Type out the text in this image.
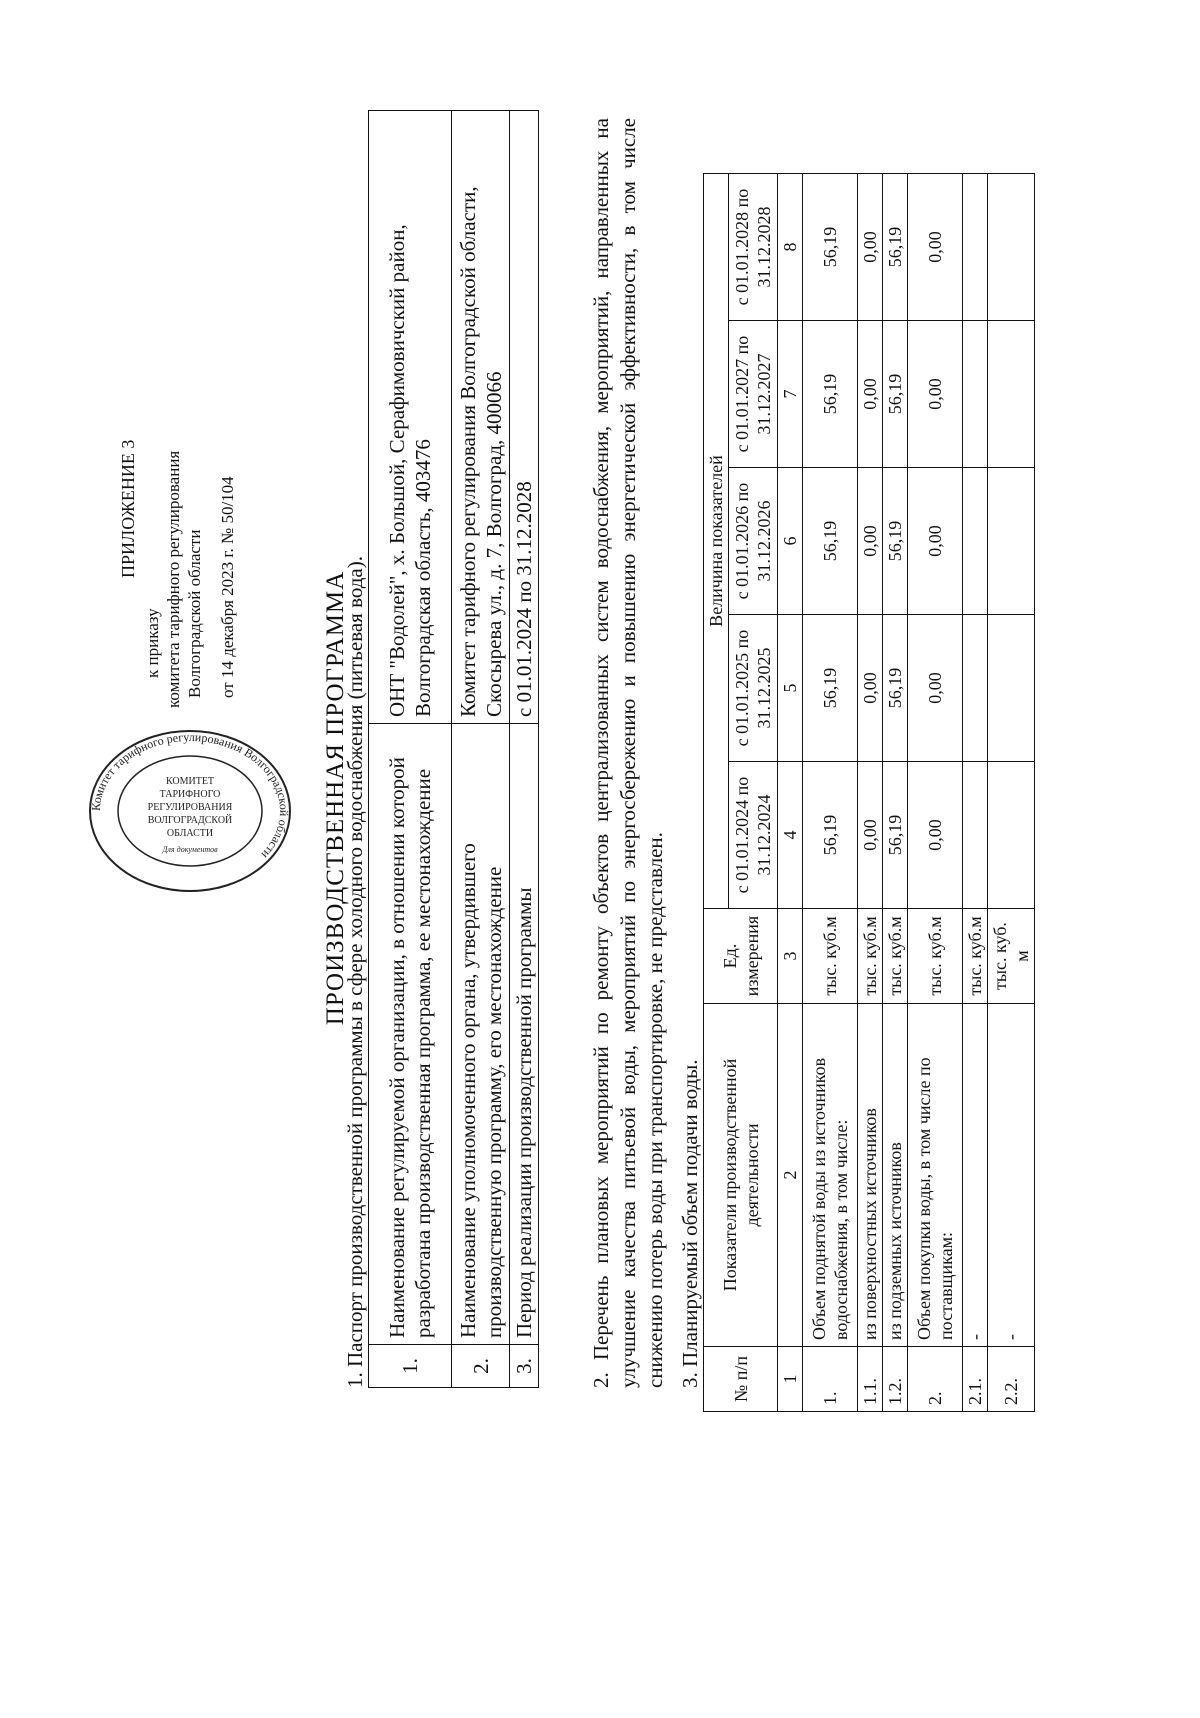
ПРИЛОЖЕНИЕ 3
к приказу комитета тарифного регулирования Волгоградской области от 14 декабря 2023 г. № 50/104
Комитет тарифного регулирования Волгоградской области
КОМИТЕТ
ТАРИФНОГО
РЕГУЛИРОВАНИЯ
ВОЛГОГРАДСКОЙ
ОБЛАСТИ
Для документов	ПРОИЗВОДСТВЕННАЯ ПРОГРАММА
1. Паспорт производственной программы в сфере холодного водоснабжения (питьевая вода). 1.	Наименование регулируемой организации, в отношении которой разработана производственная программа, ее местонахождение	ОНТ "Водолей", х. Большой, Серафимовичский район, Волгоградская область, 403476
2.	Наименование уполномоченного органа, утвердившего производственную программу, его местонахождение	Комитет тарифного регулирования Волгоградской области, Скосырева ул., д. 7, Волгоград, 400066
3.	Период реализации производственной программы	с 01.01.2024 по 31.12.2028	2. Перечень плановых мероприятий по ремонту объектов централизованных систем водоснабжения, мероприятий, направленных на улучшение качества питьевой воды, мероприятий по энергосбережению и повышению энергетической эффективности, в том числе снижению потерь воды при транспортировке, не представлен. 3. Планируемый объем подачи воды. № п/п	Показатели производственной деятельности	Ед. измерения	Величина показателей				
			с 01.01.2024 по 31.12.2024	с 01.01.2025 по 31.12.2025	с 01.01.2026 по 31.12.2026	с 01.01.2027 по 31.12.2027	с 01.01.2028 по 31.12.2028
1	2	3	4	5	6	7	8
1.	Объем поднятой воды из источников водоснабжения, в том числе:	тыс. куб.м	56,19	56,19	56,19	56,19	56,19
1.1.	из поверхностных источников	тыс. куб.м	0,00	0,00	0,00	0,00	0,00
1.2.	из подземных источников	тыс. куб.м	56,19	56,19	56,19	56,19	56,19
2.	Объем покупки воды, в том числе по поставщикам:	тыс. куб.м	0,00	0,00	0,00	0,00	0,00
2.1.	-	тыс. куб.м					
2.2.	-	тыс. куб. м					
